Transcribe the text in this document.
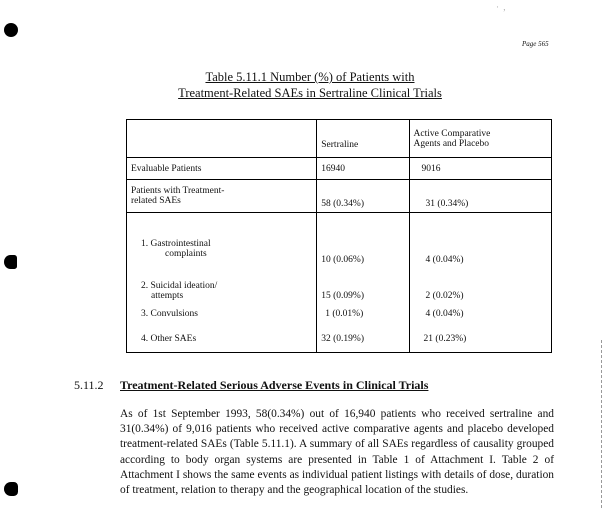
· ,
Page 565
Table 5.11.1 Number (%) of Patients with
Treatment-Related SAEs in Sertraline Clinical Trials
	Sertraline	Active Comparative
Agents and Placebo

Evaluable Patients	16940	9016

Patients with Treatment-
related SAEs	58 (0.34%)	31 (0.34%)

1. Gastrointestinal
complaints	10 (0.06%)	4 (0.04%)

2. Suicidal ideation/
attempts	15 (0.09%)	2 (0.02%)
3. Convulsions	1 (0.01%)	4 (0.04%)
4. Other SAEs	32 (0.19%)	21 (0.23%)
5.11.2 Treatment-Related Serious Adverse Events in Clinical Trials
As of 1st September 1993, 58(0.34%) out of 16,940 patients who received sertraline and 31(0.34%) of 9,016 patients who received active comparative agents and placebo developed treatment-related SAEs (Table 5.11.1). A summary of all SAEs regardless of causality grouped according to body organ systems are presented in Table 1 of Attachment I. Table 2 of Attachment I shows the same events as individual patient listings with details of dose, duration of treatment, relation to therapy and the geographical location of the studies.
